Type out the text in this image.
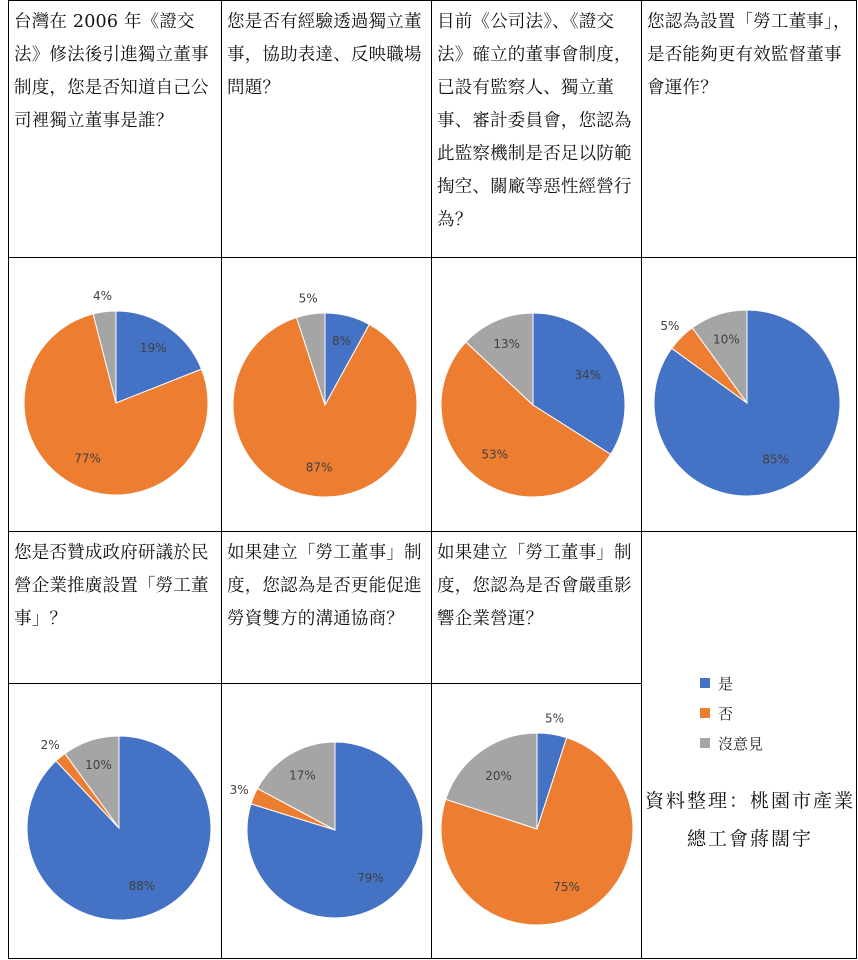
台灣在 2006 年《證交法》修法後引進獨立董事制度，您是否知道自己公司裡獨立董事是誰？
您是否有經驗透過獨立董事，協助表達、反映職場問題？
目前《公司法》、《證交法》確立的董事會制度，已設有監察人、獨立董事、審計委員會，您認為此監察機制是否足以防範掏空、關廠等惡性經營行為？
您認為設置「勞工董事」，是否能夠更有效監督董事會運作？
您是否贊成政府研議於民營企業推廣設置「勞工董事」？
如果建立「勞工董事」制度，您認為是否更能促進勞資雙方的溝通協商？
如果建立「勞工董事」制度，您認為是否會嚴重影響企業營運？
19%
77%
4%
8%
87%
5%
34%
53%
13%
85%
5%
10%
88%
2%
10%
79%
3%
17%
5%
75%
20%
是
否
沒意見
資料整理：桃園市產業總工會蔣闊宇
